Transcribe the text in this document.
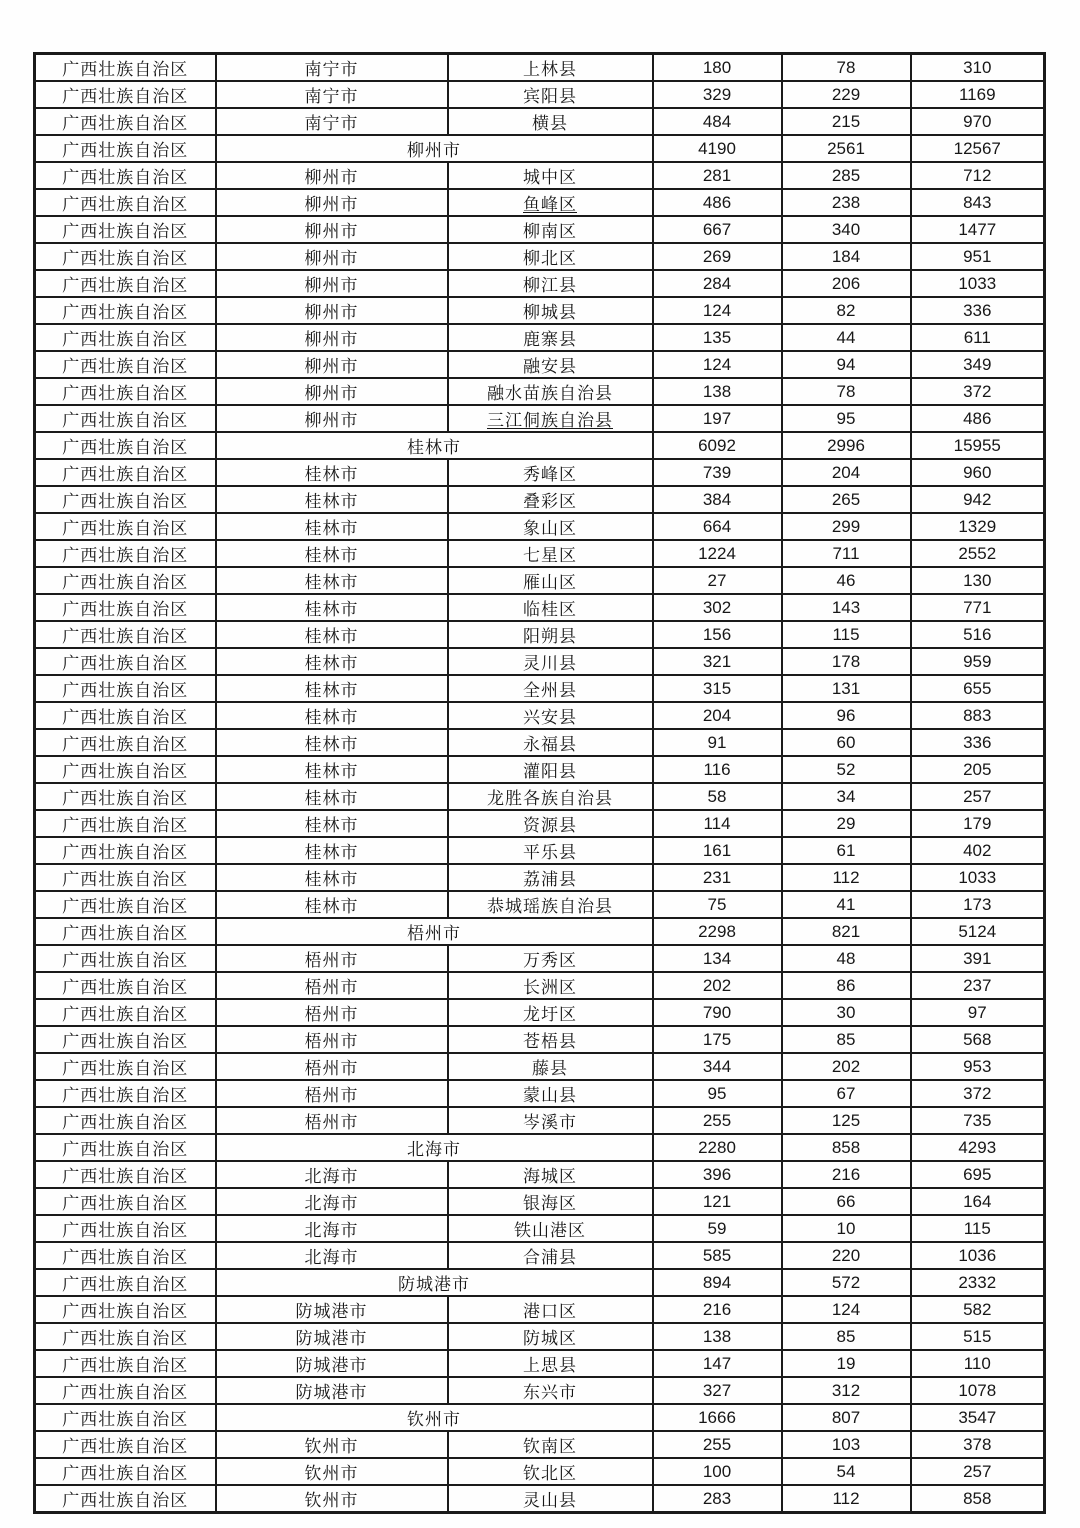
广西壮族自治区	南宁市	上林县	180	78	310
广西壮族自治区	南宁市	宾阳县	329	229	1169
广西壮族自治区	南宁市	横县	484	215	970
广西壮族自治区	柳州市		4190	2561	12567
广西壮族自治区	柳州市	城中区	281	285	712
广西壮族自治区	柳州市	鱼峰区	486	238	843
广西壮族自治区	柳州市	柳南区	667	340	1477
广西壮族自治区	柳州市	柳北区	269	184	951
广西壮族自治区	柳州市	柳江县	284	206	1033
广西壮族自治区	柳州市	柳城县	124	82	336
广西壮族自治区	柳州市	鹿寨县	135	44	611
广西壮族自治区	柳州市	融安县	124	94	349
广西壮族自治区	柳州市	融水苗族自治县	138	78	372
广西壮族自治区	柳州市	三江侗族自治县	197	95	486
广西壮族自治区	桂林市		6092	2996	15955
广西壮族自治区	桂林市	秀峰区	739	204	960
广西壮族自治区	桂林市	叠彩区	384	265	942
广西壮族自治区	桂林市	象山区	664	299	1329
广西壮族自治区	桂林市	七星区	1224	711	2552
广西壮族自治区	桂林市	雁山区	27	46	130
广西壮族自治区	桂林市	临桂区	302	143	771
广西壮族自治区	桂林市	阳朔县	156	115	516
广西壮族自治区	桂林市	灵川县	321	178	959
广西壮族自治区	桂林市	全州县	315	131	655
广西壮族自治区	桂林市	兴安县	204	96	883
广西壮族自治区	桂林市	永福县	91	60	336
广西壮族自治区	桂林市	灌阳县	116	52	205
广西壮族自治区	桂林市	龙胜各族自治县	58	34	257
广西壮族自治区	桂林市	资源县	114	29	179
广西壮族自治区	桂林市	平乐县	161	61	402
广西壮族自治区	桂林市	荔浦县	231	112	1033
广西壮族自治区	桂林市	恭城瑶族自治县	75	41	173
广西壮族自治区	梧州市		2298	821	5124
广西壮族自治区	梧州市	万秀区	134	48	391
广西壮族自治区	梧州市	长洲区	202	86	237
广西壮族自治区	梧州市	龙圩区	790	30	97
广西壮族自治区	梧州市	苍梧县	175	85	568
广西壮族自治区	梧州市	藤县	344	202	953
广西壮族自治区	梧州市	蒙山县	95	67	372
广西壮族自治区	梧州市	岑溪市	255	125	735
广西壮族自治区	北海市		2280	858	4293
广西壮族自治区	北海市	海城区	396	216	695
广西壮族自治区	北海市	银海区	121	66	164
广西壮族自治区	北海市	铁山港区	59	10	115
广西壮族自治区	北海市	合浦县	585	220	1036
广西壮族自治区	防城港市		894	572	2332
广西壮族自治区	防城港市	港口区	216	124	582
广西壮族自治区	防城港市	防城区	138	85	515
广西壮族自治区	防城港市	上思县	147	19	110
广西壮族自治区	防城港市	东兴市	327	312	1078
广西壮族自治区	钦州市		1666	807	3547
广西壮族自治区	钦州市	钦南区	255	103	378
广西壮族自治区	钦州市	钦北区	100	54	257
广西壮族自治区	钦州市	灵山县	283	112	858
